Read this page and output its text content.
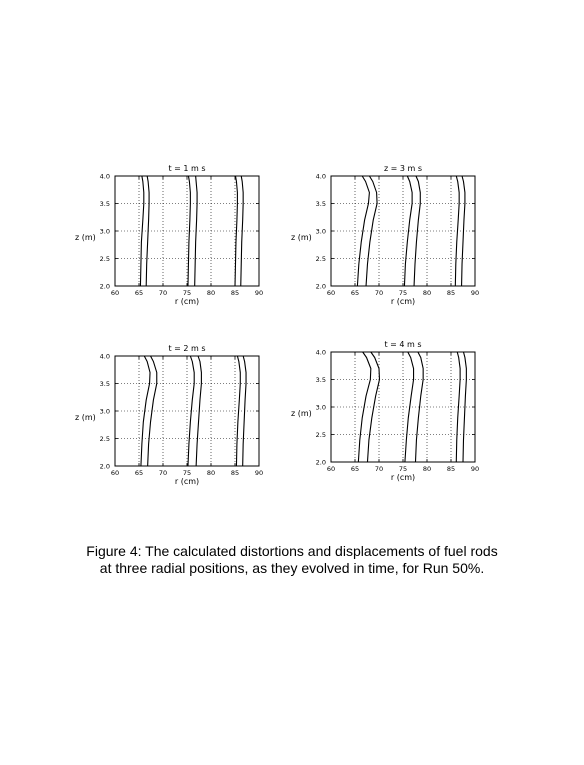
60 65 70 75 80 85 90
2.0
2.5
3.0
3.5
4.0
t = 1 m s
r (cm)
z (m)
60 65 70 75 80 85 90
2.0
2.5
3.0
3.5
4.0
z = 3 m s
r (cm)
z (m)
60 65 70 75 80 85 90
2.0
2.5
3.0
3.5
4.0
t = 2 m s
r (cm)
z (m)
60 65 70 75 80 85 90
2.0
2.5
3.0
3.5
4.0
t = 4 m s
r (cm)
z (m)
Figure 4: The calculated distortions and displacements of fuel rods
at three radial positions, as they evolved in time, for Run 50%.
